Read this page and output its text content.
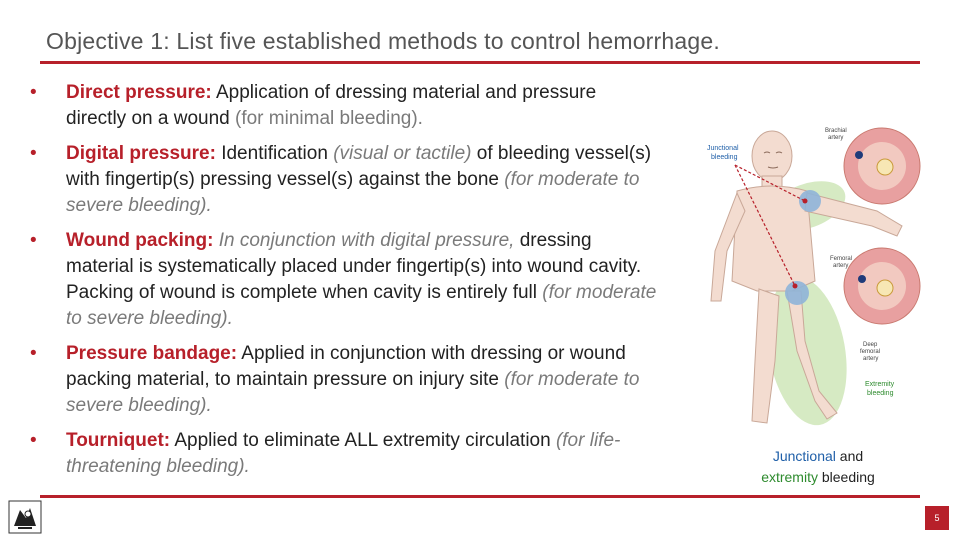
Objective 1: List five established methods to control hemorrhage.
• Direct pressure: Application of dressing material and pressure directly on a wound (for minimal bleeding).
• Digital pressure: Identification (visual or tactile) of bleeding vessel(s) with fingertip(s) pressing vessel(s) against the bone (for moderate to severe bleeding).
• Wound packing: In conjunction with digital pressure, dressing material is systematically placed under fingertip(s) into wound cavity. Packing of wound is complete when cavity is entirely full (for moderate to severe bleeding).
• Pressure bandage: Applied in conjunction with dressing or wound packing material, to maintain pressure on injury site (for moderate to severe bleeding).
• Tourniquet: Applied to eliminate ALL extremity circulation (for life-threatening bleeding).
Junctional
bleeding
Brachial
artery
Femoral
artery
Deep
femoral
artery
Extremity
bleeding
Junctional and
extremity bleeding
5
